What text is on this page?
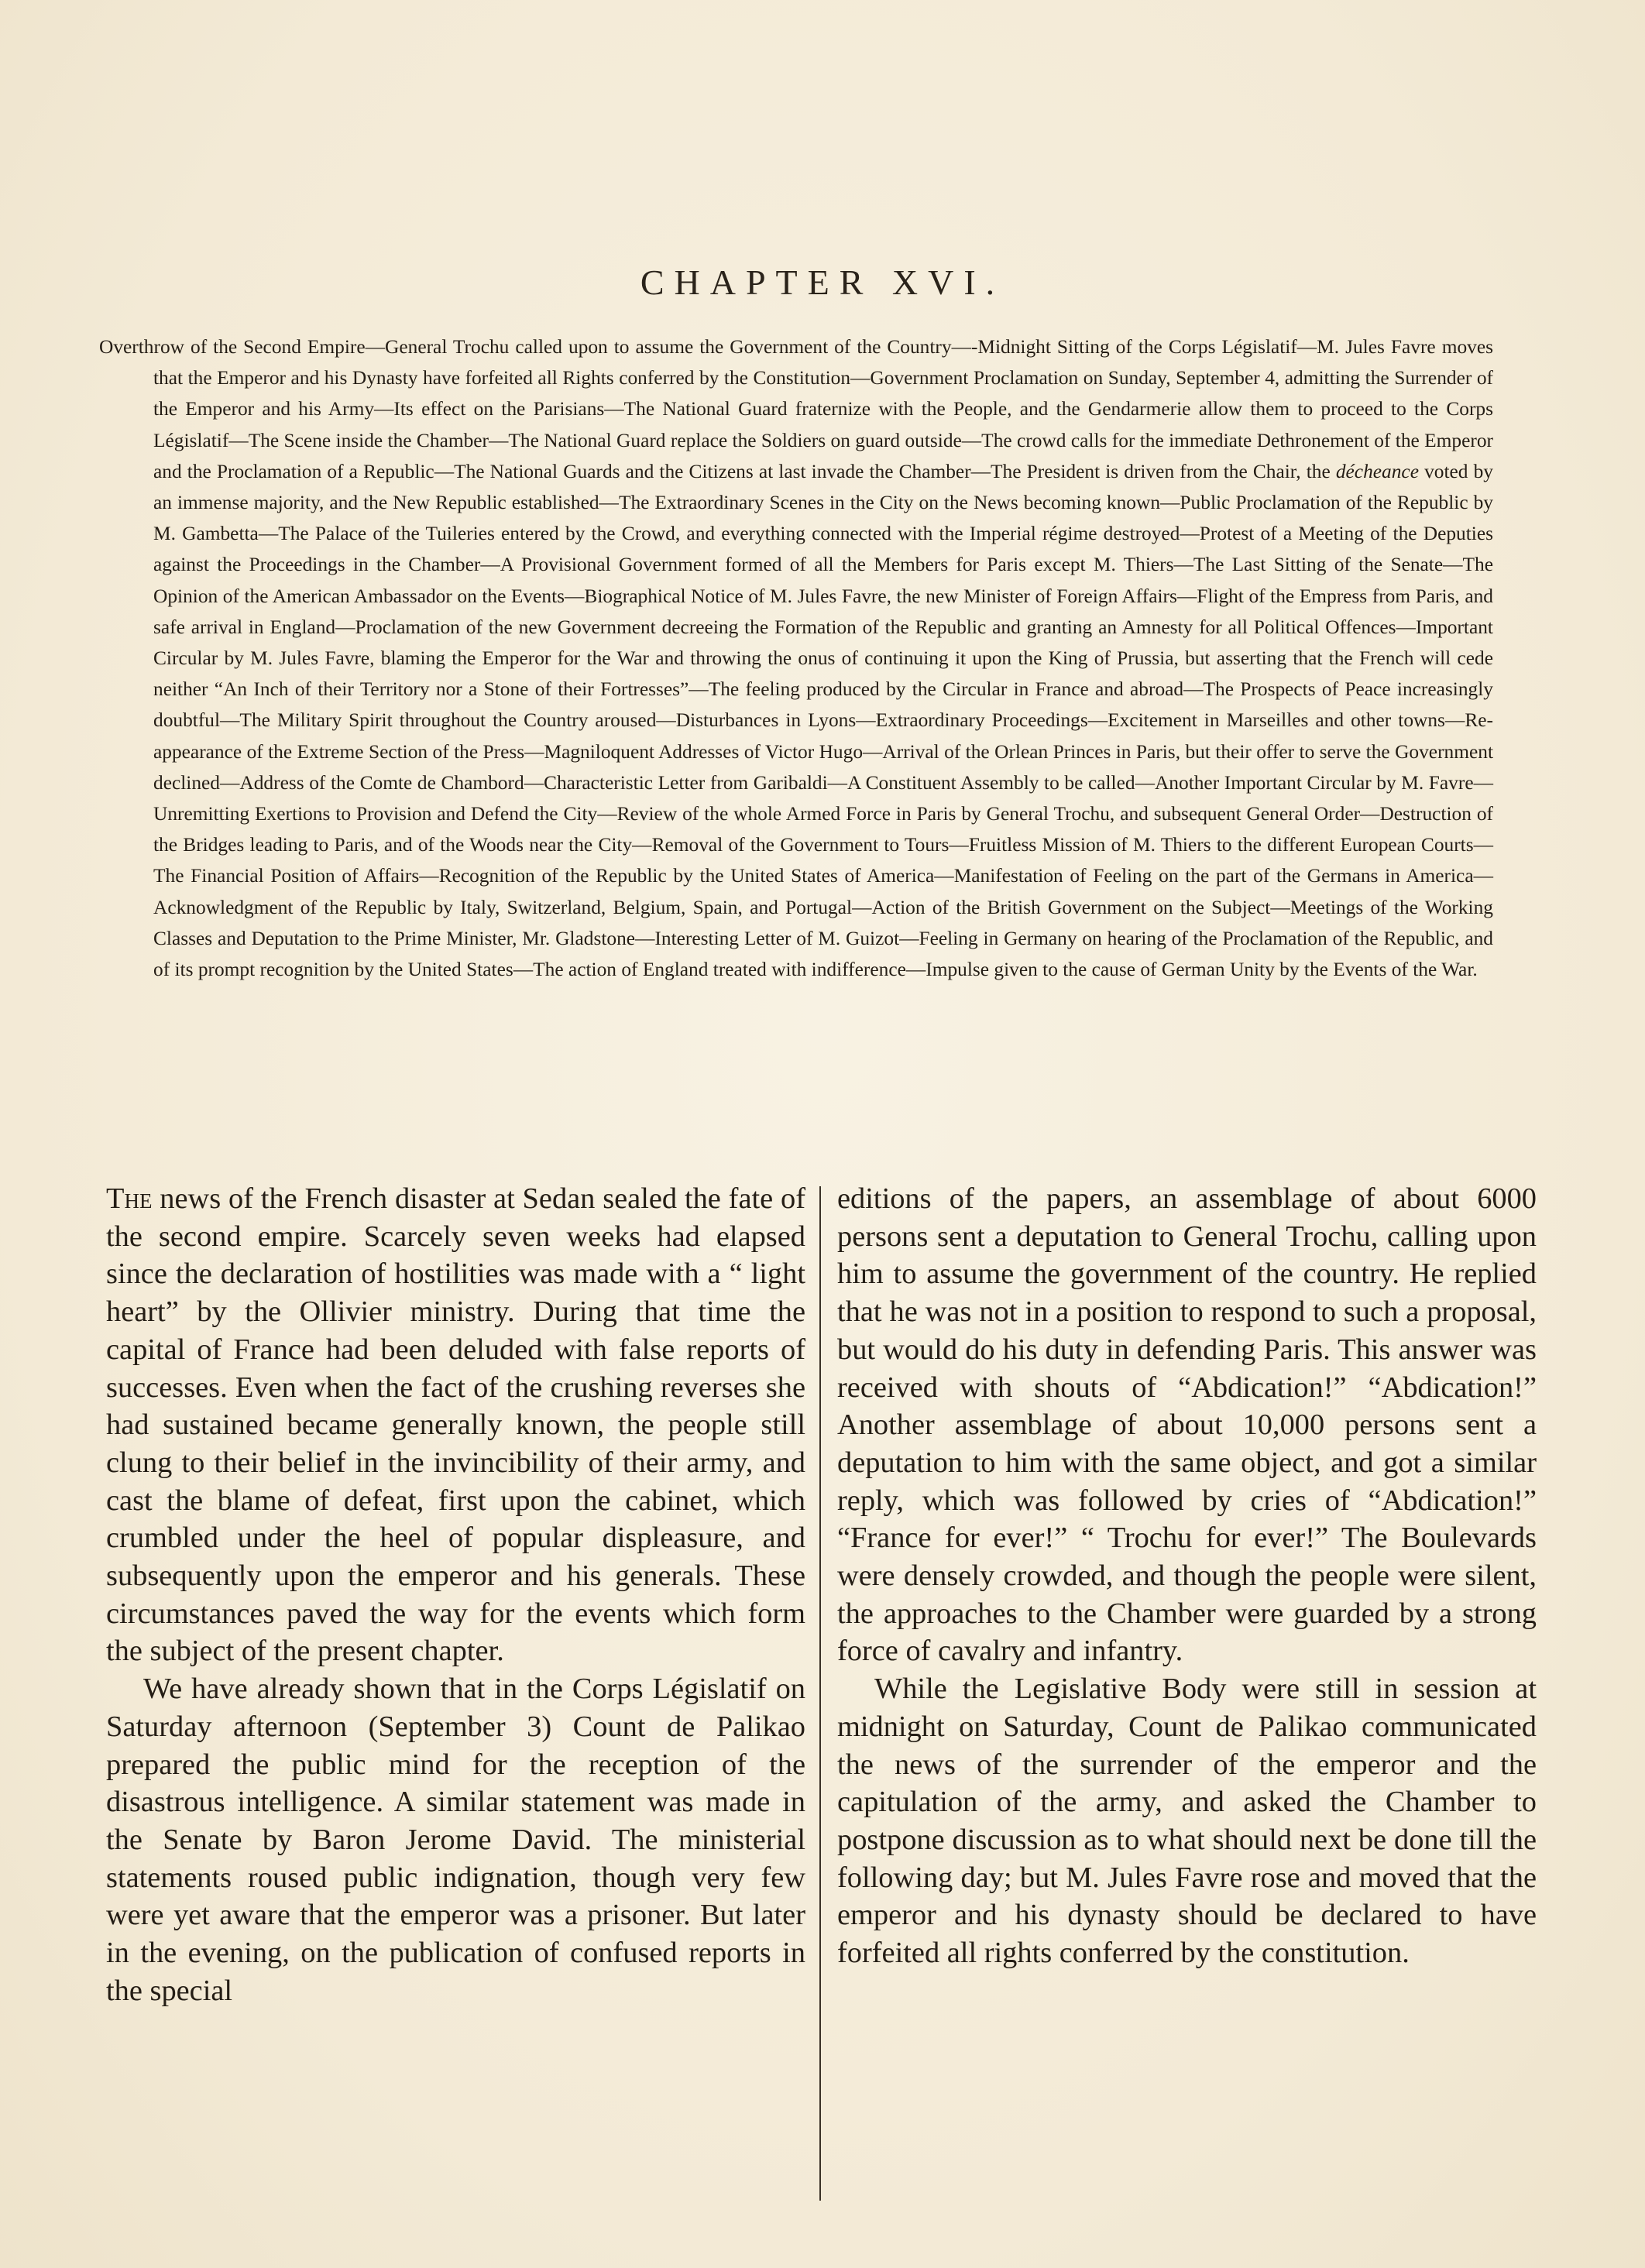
CHAPTER XVI.

Overthrow of the Second Empire—General Trochu called upon to assume the Government of the Country—-Midnight Sitting of the Corps Législatif—M. Jules Favre moves that the Emperor and his Dynasty have forfeited all Rights conferred by the Constitution—Government Proclamation on Sunday, September 4, admitting the Surrender of the Emperor and his Army—Its effect on the Parisians—The National Guard fraternize with the People, and the Gendarmerie allow them to proceed to the Corps Législatif—The Scene inside the Chamber—The National Guard replace the Soldiers on guard outside—The crowd calls for the immediate Dethronement of the Emperor and the Proclamation of a Republic—The National Guards and the Citizens at last invade the Chamber—The President is driven from the Chair, the décheance voted by an immense majority, and the New Republic established—The Extraordinary Scenes in the City on the News becoming known—Public Proclamation of the Republic by M. Gambetta—The Palace of the Tuileries entered by the Crowd, and everything connected with the Imperial régime destroyed—Protest of a Meeting of the Deputies against the Proceedings in the Chamber—A Provisional Government formed of all the Members for Paris except M. Thiers—The Last Sitting of the Senate—The Opinion of the American Ambassador on the Events—Biographical Notice of M. Jules Favre, the new Minister of Foreign Affairs—Flight of the Empress from Paris, and safe arrival in England—Proclamation of the new Government decreeing the Formation of the Republic and granting an Amnesty for all Political Offences—Important Circular by M. Jules Favre, blaming the Emperor for the War and throwing the onus of continuing it upon the King of Prussia, but asserting that the French will cede neither “An Inch of their Territory nor a Stone of their Fortresses”—The feeling produced by the Circular in France and abroad—The Prospects of Peace increasingly doubtful—The Military Spirit throughout the Country aroused—Disturbances in Lyons—Extraordinary Proceedings—Excitement in Marseilles and other towns—Re-appearance of the Extreme Section of the Press—Magniloquent Addresses of Victor Hugo—Arrival of the Orlean Princes in Paris, but their offer to serve the Government declined—Address of the Comte de Chambord—Characteristic Letter from Garibaldi—A Constituent Assembly to be called—Another Important Circular by M. Favre—Unremitting Exertions to Provision and Defend the City—Review of the whole Armed Force in Paris by General Trochu, and subsequent General Order—Destruction of the Bridges leading to Paris, and of the Woods near the City—Removal of the Government to Tours—Fruitless Mission of M. Thiers to the different European Courts—The Financial Position of Affairs—Recognition of the Republic by the United States of America—Manifestation of Feeling on the part of the Germans in America—Acknowledgment of the Republic by Italy, Switzerland, Belgium, Spain, and Portugal—Action of the British Government on the Subject—Meetings of the Working Classes and Deputation to the Prime Minister, Mr. Gladstone—Interesting Letter of M. Guizot—Feeling in Germany on hearing of the Proclamation of the Republic, and of its prompt recognition by the United States—The action of England treated with indifference—Impulse given to the cause of German Unity by the Events of the War.

The news of the French disaster at Sedan sealed the fate of the second empire. Scarcely seven weeks had elapsed since the declaration of hostilities was made with a “ light heart” by the Ollivier ministry. During that time the capital of France had been deluded with false reports of successes. Even when the fact of the crushing reverses she had sustained became generally known, the people still clung to their belief in the invincibility of their army, and cast the blame of defeat, first upon the cabinet, which crumbled under the heel of popular displeasure, and subsequently upon the emperor and his generals. These circumstances paved the way for the events which form the subject of the present chapter.

We have already shown that in the Corps Législatif on Saturday afternoon (September 3) Count de Palikao prepared the public mind for the reception of the disastrous intelligence. A similar statement was made in the Senate by Baron Jerome David. The ministerial statements roused public indignation, though very few were yet aware that the emperor was a prisoner. But later in the evening, on the publication of confused reports in the special

editions of the papers, an assemblage of about 6000 persons sent a deputation to General Trochu, calling upon him to assume the government of the country. He replied that he was not in a position to respond to such a proposal, but would do his duty in defending Paris. This answer was received with shouts of “Abdication!” “Abdication!” Another assemblage of about 10,000 persons sent a deputation to him with the same object, and got a similar reply, which was followed by cries of “Abdication!” “France for ever!” “ Trochu for ever!” The Boulevards were densely crowded, and though the people were silent, the approaches to the Chamber were guarded by a strong force of cavalry and infantry.

While the Legislative Body were still in session at midnight on Saturday, Count de Palikao communicated the news of the surrender of the emperor and the capitulation of the army, and asked the Chamber to postpone discussion as to what should next be done till the following day; but M. Jules Favre rose and moved that the emperor and his dynasty should be declared to have forfeited all rights conferred by the constitution.
